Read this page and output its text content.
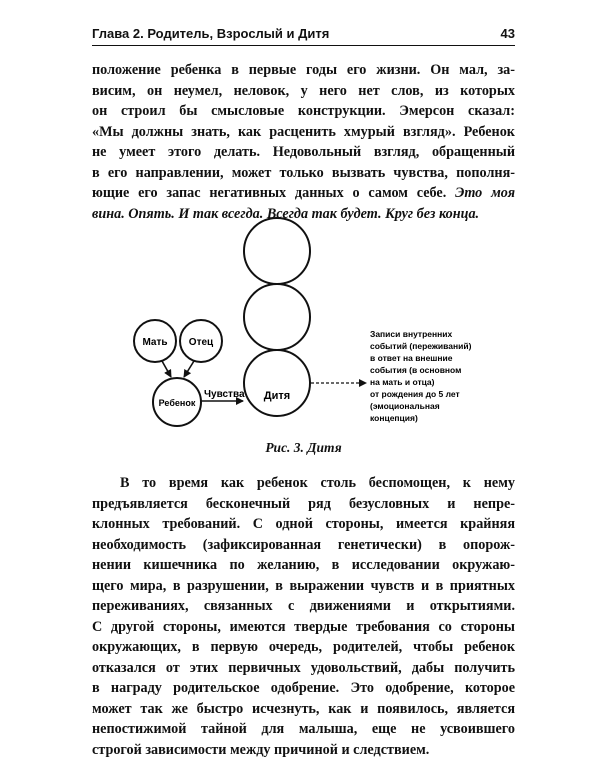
Глава 2. Родитель, Взрослый и Дитя	43

положение ребенка в первые годы его жизни. Он мал, за-
висим, он неумел, неловок, у него нет слов, из которых
он строил бы смысловые конструкции. Эмерсон сказал:
«Мы должны знать, как расценить хмурый взгляд». Ребенок
не умеет этого делать. Недовольный взгляд, обращенный
в его направлении, может только вызвать чувства, пополня-
ющие его запас негативных данных о самом себе. Это моя
вина. Опять. И так всегда. Всегда так будет. Круг без конца.

Дитя
Мать Отец
Ребенок
Чувства
Записи внутренних
событий (переживаний)
в ответ на внешние
события (в основном
на мать и отца)
от рождения до 5 лет
(эмоциональная
концепция)
Рис. 3. Дитя

В то время как ребенок столь беспомощен, к нему
предъявляется бесконечный ряд безусловных и непре-
клонных требований. С одной стороны, имеется крайняя
необходимость (зафиксированная генетически) в опорож-
нении кишечника по желанию, в исследовании окружаю-
щего мира, в разрушении, в выражении чувств и в приятных
переживаниях, связанных с движениями и открытиями.
С другой стороны, имеются твердые требования со стороны
окружающих, в первую очередь, родителей, чтобы ребенок
отказался от этих первичных удовольствий, дабы получить
в награду родительское одобрение. Это одобрение, которое
может так же быстро исчезнуть, как и появилось, является
непостижимой тайной для малыша, еще не усвоившего
строгой зависимости между причиной и следствием.
